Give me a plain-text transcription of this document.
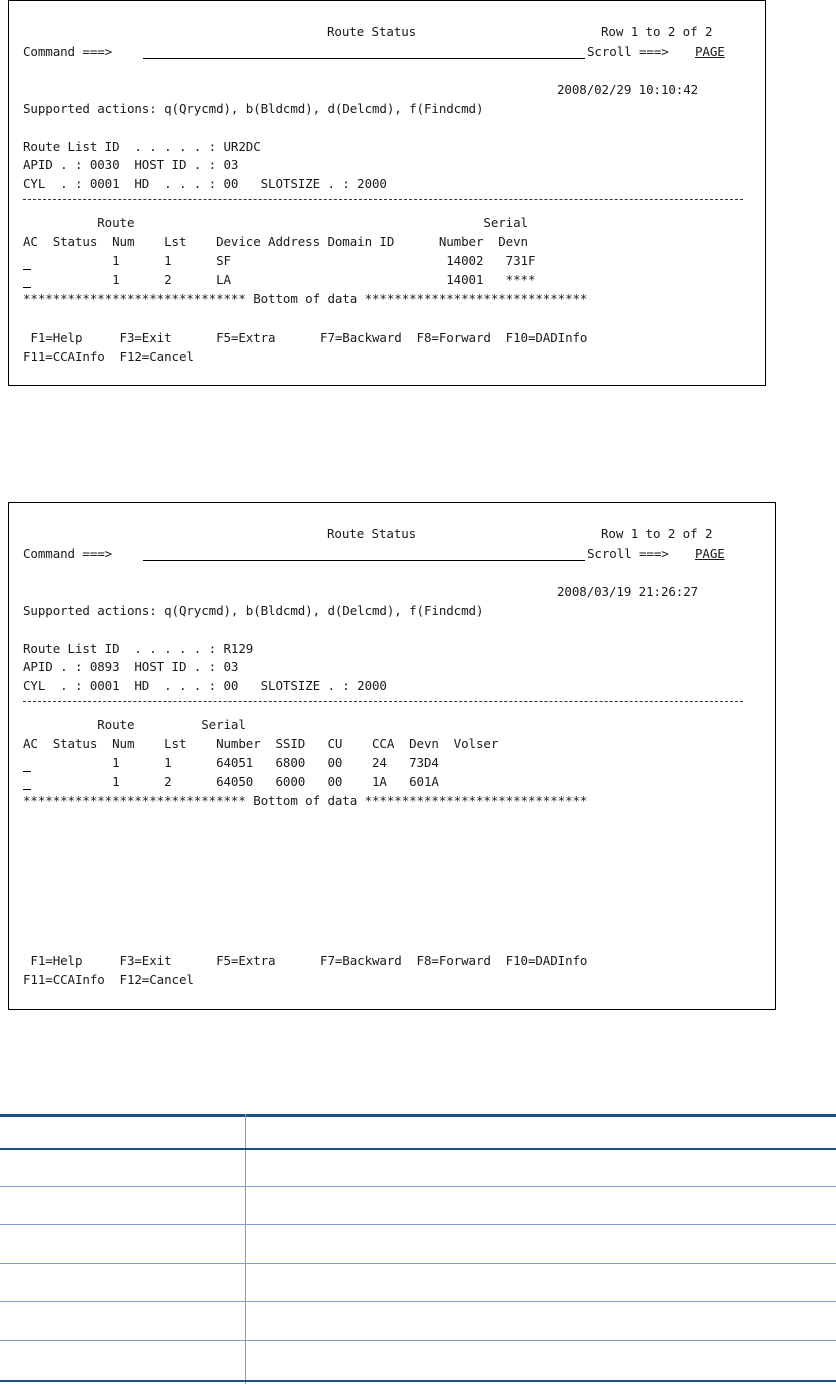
Route Status	Row 1 to 2 of 2
Command ===>	Scroll ===> PAGE
2008/02/29 10:10:42
Supported actions: q(Qrycmd), b(Bldcmd), d(Delcmd), f(Findcmd)
Route List ID  . . . . . : UR2DC
APID . : 0030  HOST ID . : 03
CYL  . : 0001  HD  . . . : 00   SLOTSIZE . : 2000
Route                                               Serial
AC  Status  Num    Lst    Device Address Domain ID      Number  Devn
1      1      SF                             14002   731F
1      2      LA                             14001   ****
****************************** Bottom of data ******************************
F1=Help     F3=Exit      F5=Extra      F7=Backward  F8=Forward  F10=DADInfo
F11=CCAInfo  F12=Cancel
Route Status	Row 1 to 2 of 2
Command ===>	Scroll ===> PAGE
2008/03/19 21:26:27
Supported actions: q(Qrycmd), b(Bldcmd), d(Delcmd), f(Findcmd)
Route List ID  . . . . . : R129
APID . : 0893  HOST ID . : 03
CYL  . : 0001  HD  . . . : 00   SLOTSIZE . : 2000
Route         Serial
AC  Status  Num    Lst    Number  SSID   CU    CCA  Devn  Volser
1      1      64051   6800   00    24   73D4
1      2      64050   6000   00    1A   601A
****************************** Bottom of data ******************************
F1=Help     F3=Exit      F5=Extra      F7=Backward  F8=Forward  F10=DADInfo
F11=CCAInfo  F12=Cancel
